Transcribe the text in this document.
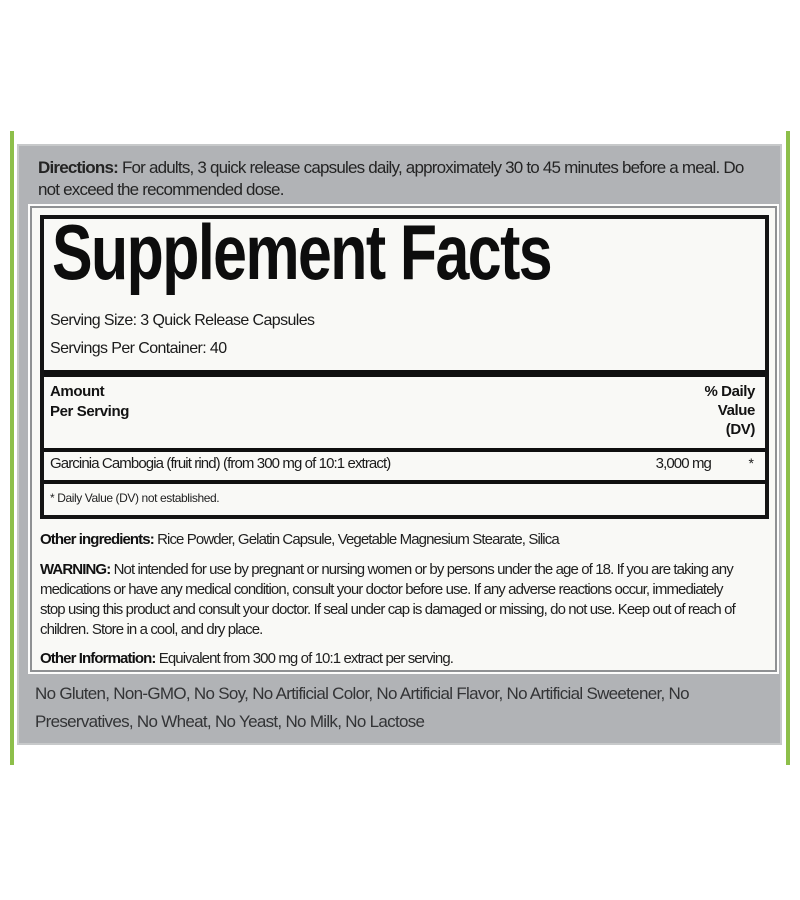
Directions: For adults, 3 quick release capsules daily, approximately 30 to 45 minutes before a meal. Do
not exceed the recommended dose.
Supplement Facts
Serving Size: 3 Quick Release Capsules
Servings Per Container: 40
Amount
Per Serving
% Daily
Value
(DV)
Garcinia Cambogia (fruit rind) (from 300 mg of 10:1 extract)	3,000 mg	*
* Daily Value (DV) not established.
Other ingredients: Rice Powder, Gelatin Capsule, Vegetable Magnesium Stearate, Silica
WARNING: Not intended for use by pregnant or nursing women or by persons under the age of 18. If you are taking any
medications or have any medical condition, consult your doctor before use. If any adverse reactions occur, immediately
stop using this product and consult your doctor. If seal under cap is damaged or missing, do not use. Keep out of reach of
children. Store in a cool, and dry place.
Other Information: Equivalent from 300 mg of 10:1 extract per serving.
No Gluten, Non-GMO, No Soy, No Artificial Color, No Artificial Flavor, No Artificial Sweetener, No
Preservatives, No Wheat, No Yeast, No Milk, No Lactose
